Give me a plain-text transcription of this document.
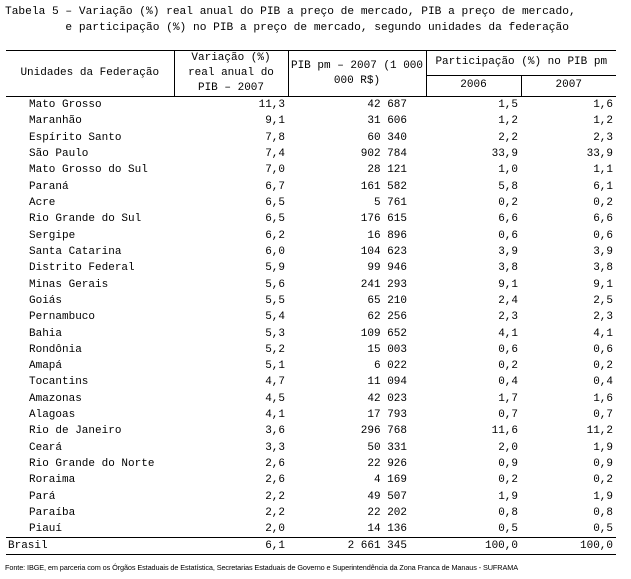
Tabela 5 – Variação (%) real anual do PIB a preço de mercado, PIB a preço de mercado,
e participação (%) no PIB a preço de mercado, segundo unidades da federação
Unidades da Federação	Variação (%) real anual do PIB – 2007	PIB pm – 2007 (1 000 000 R$)	Participação (%) no PIB pm	
			2006	2007
Mato Grosso	11,3	42 687	1,5	1,6
Maranhão	9,1	31 606	1,2	1,2
Espírito Santo	7,8	60 340	2,2	2,3
São Paulo	7,4	902 784	33,9	33,9
Mato Grosso do Sul	7,0	28 121	1,0	1,1
Paraná	6,7	161 582	5,8	6,1
Acre	6,5	5 761	0,2	0,2
Rio Grande do Sul	6,5	176 615	6,6	6,6
Sergipe	6,2	16 896	0,6	0,6
Santa Catarina	6,0	104 623	3,9	3,9
Distrito Federal	5,9	99 946	3,8	3,8
Minas Gerais	5,6	241 293	9,1	9,1
Goiás	5,5	65 210	2,4	2,5
Pernambuco	5,4	62 256	2,3	2,3
Bahia	5,3	109 652	4,1	4,1
Rondônia	5,2	15 003	0,6	0,6
Amapá	5,1	6 022	0,2	0,2
Tocantins	4,7	11 094	0,4	0,4
Amazonas	4,5	42 023	1,7	1,6
Alagoas	4,1	17 793	0,7	0,7
Rio de Janeiro	3,6	296 768	11,6	11,2
Ceará	3,3	50 331	2,0	1,9
Rio Grande do Norte	2,6	22 926	0,9	0,9
Roraima	2,6	4 169	0,2	0,2
Pará	2,2	49 507	1,9	1,9
Paraíba	2,2	22 202	0,8	0,8
Piauí	2,0	14 136	0,5	0,5
Brasil	6,1	2 661 345	100,0	100,0
Fonte: IBGE, em parceria com os Órgãos Estaduais de Estatística, Secretarias Estaduais de Governo e Superintendência da Zona Franca de Manaus - SUFRAMA
